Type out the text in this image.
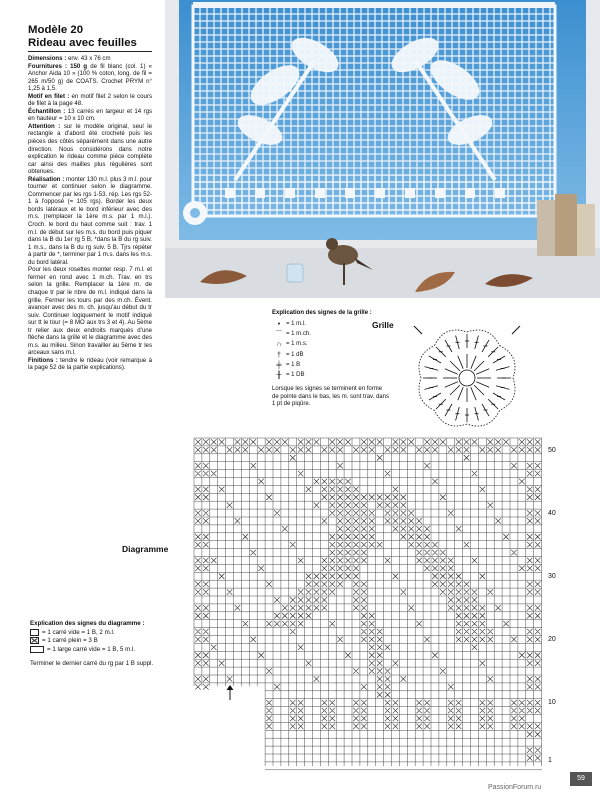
Modèle 20
Rideau avec feuilles

Dimensions : env. 43 x 76 cm

Fournitures : 150 g de fil blanc (col. 1) « Anchor Aida 10 » (100 % coton, long. de fil = 265 m/50 g) de COATS. Crochet PRYM n° 1,25 à 1,5.

Motif en filet : en motif filet 2 selon le cours de filet à la page 48.

Échantillon : 13 carrés en largeur et 14 rgs en hauteur = 10 x 10 cm.

Attention : sur le modèle original, seul le rectangle a d'abord été crocheté puis les pièces des côtés séparément dans une autre direction. Nous considérons dans notre explication le rideau comme pièce complète car ainsi des mailles plus régulières sont obtenues.

Réalisation : monter 130 m.l. plus 3 m.l. pour tourner et continuer selon le diagramme. Commencer par les rgs 1-53, rép. Les rgs 52-1 à l'opposé (= 105 rgs). Border les deux bords latéraux et le bord inférieur avec des m.s. (remplacer la 1ère m.s. par 1 m.l.). Croch. le bord du haut comme suit : trav. 1 m.l. de début sur les m.s. du bord puis piquer dans la B du 1er rg 5 B, *dans la B du rg suiv. 1 m.s., dans la B du rg suiv. 5 B. Tjrs répéter à partir de *, terminer par 1 m.s. dans les m.s. du bord latéral.

Pour les deux rosettes monter resp. 7 m.l. et fermer en rond avec 1 m.ch. Trav. en trs selon la grille. Remplacer la 1ère m. de chaque tr par le nbre de m.l. indiqué dans la grille. Fermer les tours par des m.ch. Évent. avancer avec des m. ch. jusqu'au début du tr suiv. Continuer logiquement le motif indiqué sur tt le tour (= 8 MO aux trs 3 et 4). Au 5ème tr relier aux deux endroits marqués d'une flèche dans la grille et le diagramme avec des m.s. au milieu. Sinon travailler au 5ème tr les arceaux sans m.l.

Finitions : tendre le rideau (voir remarque à la page 52 de la partie explications).

Explication des signes de la grille :
• = 1 m.l.
⌒ = 1 m.ch.
∩ = 1 m.s.
† = 1 dB
╪ = 1 B
╫ = 1 DB
Lorsque les signes se terminent en forme de pointe dans le bas, les m. sont trav. dans 1 pt de piqûre.
Grille
Diagramme
50
40
30
20
10
1
Explication des signes du diagramme :
= 1 carré vide = 1 B, 2 m.l.
= 1 carré plein = 3 B
= 1 large carré vide = 1 B, 5 m.l.
Terminer le dernier carré du rg par 1 B suppl.
PassionForum.ru
59
